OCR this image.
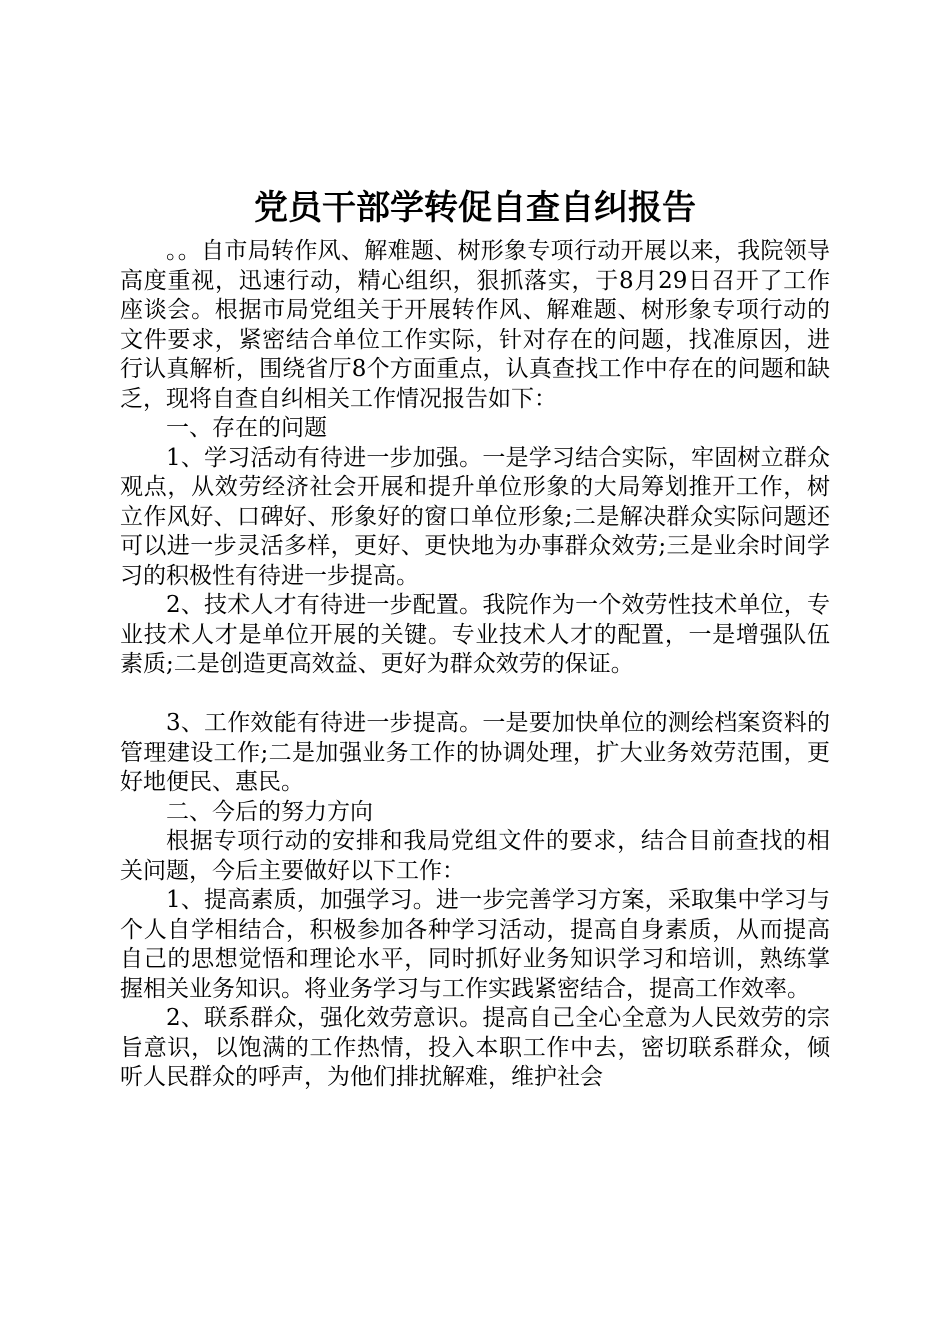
党员干部学转促自查自纠报告

。。自市局转作风、解难题、树形象专项行动开展以来，我院领导高度重视，迅速行动，精心组织，狠抓落实，于8月29日召开了工作座谈会。根据市局党组关于开展转作风、解难题、树形象专项行动的文件要求，紧密结合单位工作实际，针对存在的问题，找准原因，进行认真解析，围绕省厅8个方面重点，认真查找工作中存在的问题和缺乏，现将自查自纠相关工作情况报告如下：

一、存在的问题

1、学习活动有待进一步加强。一是学习结合实际，牢固树立群众观点，从效劳经济社会开展和提升单位形象的大局筹划推开工作，树立作风好、口碑好、形象好的窗口单位形象;二是解决群众实际问题还可以进一步灵活多样，更好、更快地为办事群众效劳;三是业余时间学习的积极性有待进一步提高。

2、技术人才有待进一步配置。我院作为一个效劳性技术单位，专业技术人才是单位开展的关键。专业技术人才的配置，一是增强队伍素质;二是创造更高效益、更好为群众效劳的保证。

3、工作效能有待进一步提高。一是要加快单位的测绘档案资料的管理建设工作;二是加强业务工作的协调处理，扩大业务效劳范围，更好地便民、惠民。

二、今后的努力方向

根据专项行动的安排和我局党组文件的要求，结合目前查找的相关问题，今后主要做好以下工作：

1、提高素质，加强学习。进一步完善学习方案，采取集中学习与个人自学相结合，积极参加各种学习活动，提高自身素质，从而提高自己的思想觉悟和理论水平，同时抓好业务知识学习和培训，熟练掌握相关业务知识。将业务学习与工作实践紧密结合，提高工作效率。

2、联系群众，强化效劳意识。提高自己全心全意为人民效劳的宗旨意识，以饱满的工作热情，投入本职工作中去，密切联系群众，倾听人民群众的呼声，为他们排扰解难，维护社会
